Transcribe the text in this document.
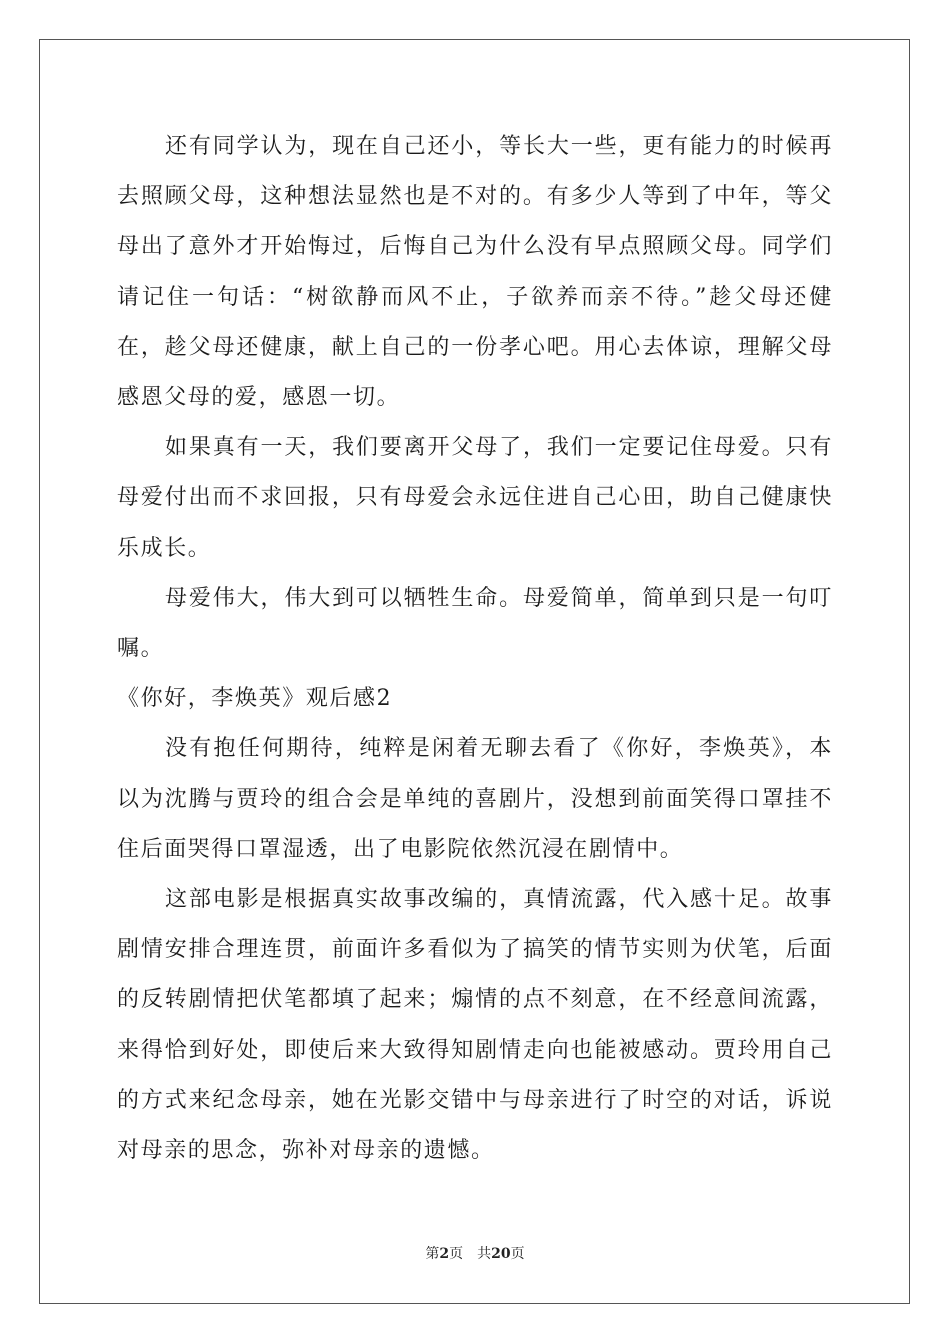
还有同学认为，现在自己还小，等长大一些，更有能力的时候再去照顾父母，这种想法显然也是不对的。有多少人等到了中年，等父母出了意外才开始悔过，后悔自己为什么没有早点照顾父母。同学们请记住一句话：“树欲静而风不止，子欲养而亲不待。”趁父母还健在，趁父母还健康，献上自己的一份孝心吧。用心去体谅，理解父母感恩父母的爱，感恩一切。

如果真有一天，我们要离开父母了，我们一定要记住母爱。只有母爱付出而不求回报，只有母爱会永远住进自己心田，助自己健康快乐成长。

母爱伟大，伟大到可以牺牲生命。母爱简单，简单到只是一句叮嘱。

《你好，李焕英》观后感2

没有抱任何期待，纯粹是闲着无聊去看了《你好，李焕英》，本以为沈腾与贾玲的组合会是单纯的喜剧片，没想到前面笑得口罩挂不住后面哭得口罩湿透，出了电影院依然沉浸在剧情中。

这部电影是根据真实故事改编的，真情流露，代入感十足。故事剧情安排合理连贯，前面许多看似为了搞笑的情节实则为伏笔，后面的反转剧情把伏笔都填了起来；煽情的点不刻意，在不经意间流露，来得恰到好处，即使后来大致得知剧情走向也能被感动。贾玲用自己的方式来纪念母亲，她在光影交错中与母亲进行了时空的对话，诉说对母亲的思念，弥补对母亲的遗憾。

第2页 共20页
